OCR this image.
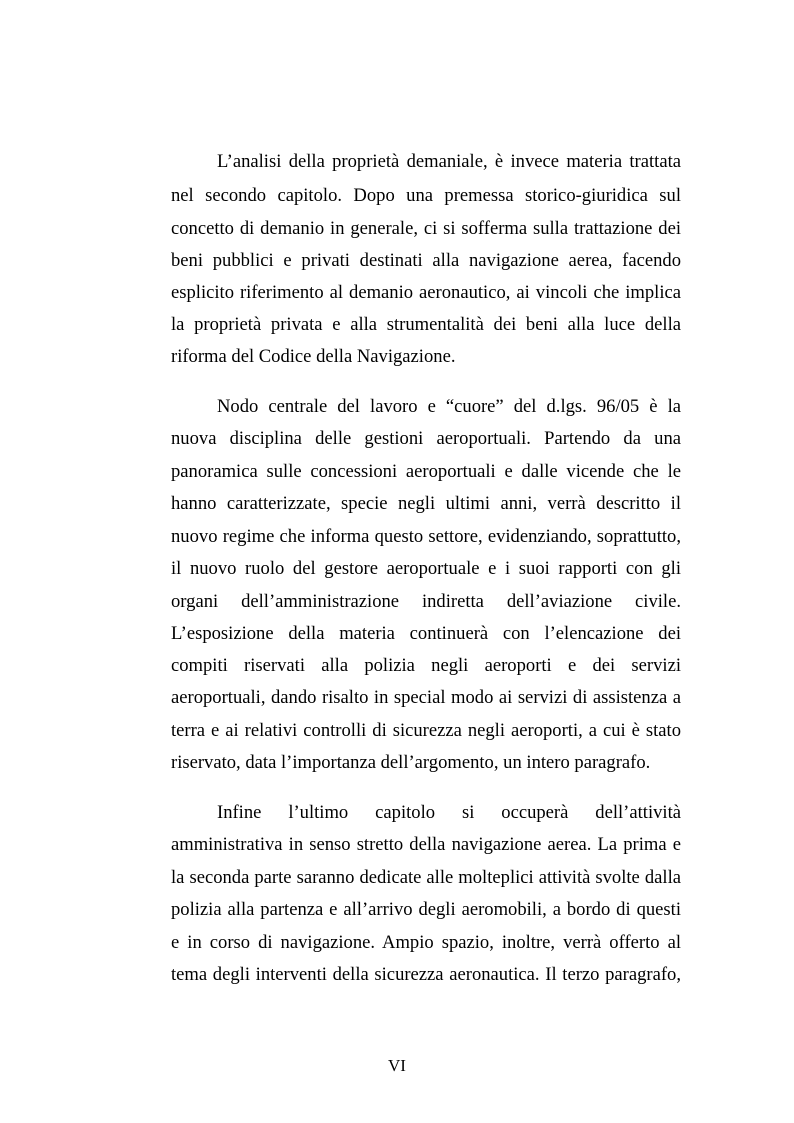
L’analisi della proprietà demaniale, è invece materia trattata
nel secondo capitolo. Dopo una premessa storico-giuridica sul
concetto di demanio in generale, ci si sofferma sulla trattazione dei
beni pubblici e privati destinati alla navigazione aerea, facendo
esplicito riferimento al demanio aeronautico, ai vincoli che implica
la proprietà privata e alla strumentalità dei beni alla luce della
riforma del Codice della Navigazione.
Nodo centrale del lavoro e “cuore” del d.lgs. 96/05 è la
nuova disciplina delle gestioni aeroportuali. Partendo da una
panoramica sulle concessioni aeroportuali e dalle vicende che le
hanno caratterizzate, specie negli ultimi anni, verrà descritto il
nuovo regime che informa questo settore, evidenziando, soprattutto,
il nuovo ruolo del gestore aeroportuale e i suoi rapporti con gli
organi dell’amministrazione indiretta dell’aviazione civile.
L’esposizione della materia continuerà con l’elencazione dei
compiti riservati alla polizia negli aeroporti e dei servizi
aeroportuali, dando risalto in special modo ai servizi di assistenza a
terra e ai relativi controlli di sicurezza negli aeroporti, a cui è stato
riservato, data l’importanza dell’argomento, un intero paragrafo.
Infine l’ultimo capitolo si occuperà dell’attività
amministrativa in senso stretto della navigazione aerea. La prima e
la seconda parte saranno dedicate alle molteplici attività svolte dalla
polizia alla partenza e all’arrivo degli aeromobili, a bordo di questi
e in corso di navigazione. Ampio spazio, inoltre, verrà offerto al
tema degli interventi della sicurezza aeronautica. Il terzo paragrafo,
VI
